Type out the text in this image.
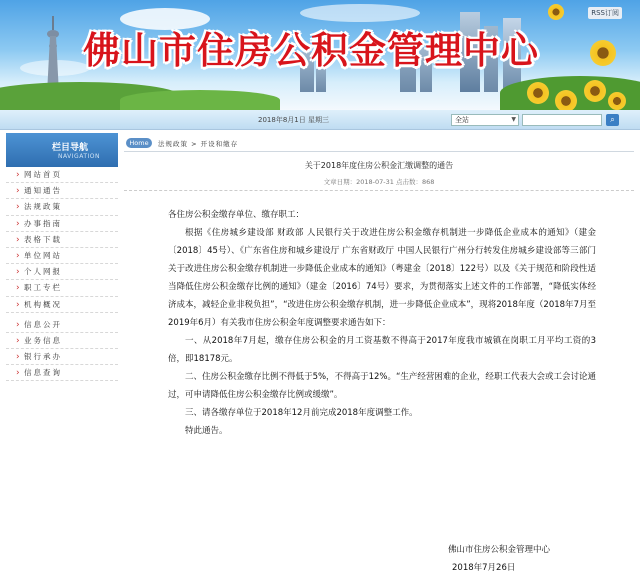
佛山市住房公积金管理中心
RSS订阅
2018年8月1日 星期三	全站	▼	⌕
栏目导航
NAVIGATION
› 网站首页
› 通知通告
› 法规政策
› 办事指南
› 表格下载
› 单位网站
› 个人网报
› 职工专栏
› 机构概况
› 信息公开
› 业务信息
› 银行承办
› 信息查询
Home	法规政策 > 开设和缴存
关于2018年度住房公积金汇缴调整的通告
文章日期：2018-07-31 点击数：868
各住房公积金缴存单位、缴存职工：
根据《住房城乡建设部 财政部 人民银行关于改进住房公积金缴存机制进一步降低企业成本的通知》（建金〔2018〕45号）、《广东省住房和城乡建设厅 广东省财政厅 中国人民银行广州分行转发住房城乡建设部等三部门关于改进住房公积金缴存机制进一步降低企业成本的通知》（粤建金〔2018〕122号）以及《关于规范和阶段性适当降低住房公积金缴存比例的通知》（建金〔2016〕74号）要求，为贯彻落实上述文件的工作部署，“降低实体经济成本，减轻企业非税负担”，“改进住房公积金缴存机制，进一步降低企业成本”，现将2018年度（2018年7月至2019年6月）有关我市住房公积金年度调整要求通告如下：
一、从2018年7月起，缴存住房公积金的月工资基数不得高于2017年度我市城镇在岗职工月平均工资的3倍，即18178元。
二、住房公积金缴存比例不得低于5%，不得高于12%。“生产经营困难的企业，经职工代表大会或工会讨论通过，可申请降低住房公积金缴存比例或缓缴”。
三、请各缴存单位于2018年12月前完成2018年度调整工作。
特此通告。
佛山市住房公积金管理中心
2018年7月26日
